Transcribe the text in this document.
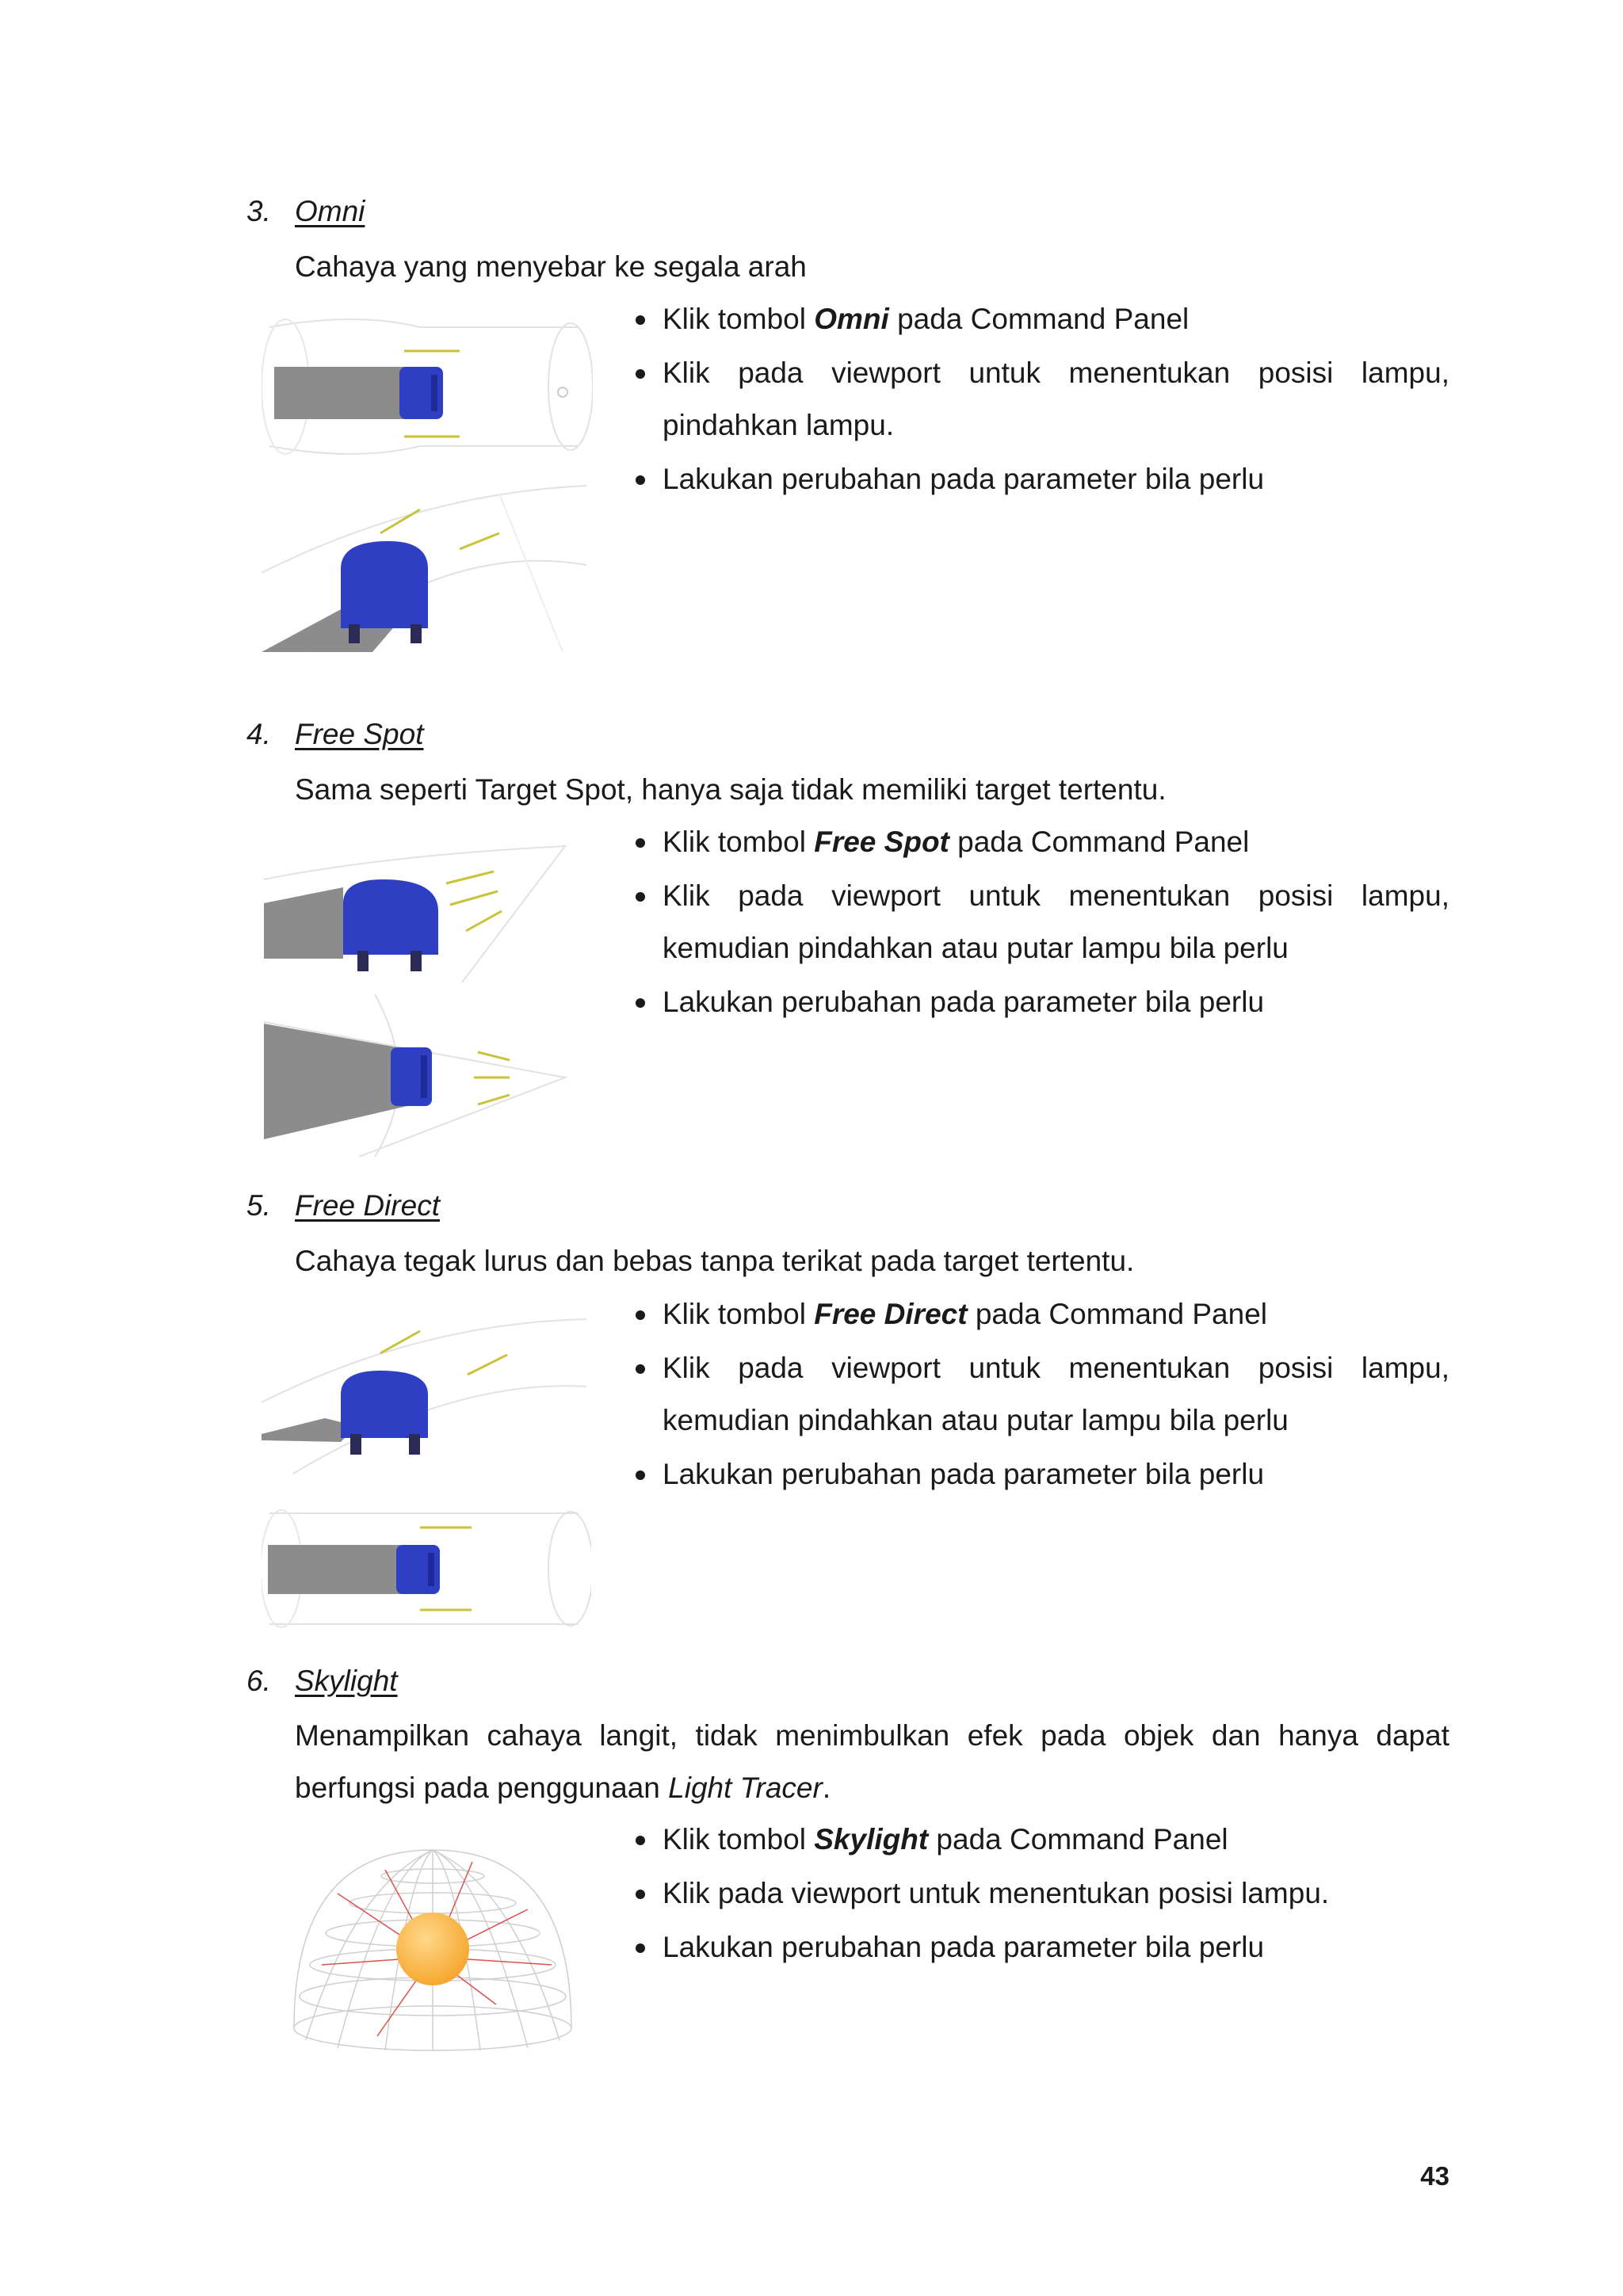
3. Omni
Cahaya yang menyebar ke segala arah
Klik tombol Omni pada Command Panel
Klik pada viewport untuk menentukan posisi lampu,
pindahkan lampu.
Lakukan perubahan pada parameter bila perlu
4. Free Spot
Sama seperti Target Spot, hanya saja tidak memiliki target tertentu.
Klik tombol Free Spot pada Command Panel
Klik pada viewport untuk menentukan posisi lampu,
kemudian pindahkan atau putar lampu bila perlu
Lakukan perubahan pada parameter bila perlu
5. Free Direct
Cahaya tegak lurus dan bebas tanpa terikat pada target tertentu.
Klik tombol Free Direct pada Command Panel
Klik pada viewport untuk menentukan posisi lampu,
kemudian pindahkan atau putar lampu bila perlu
Lakukan perubahan pada parameter bila perlu
6. Skylight
Menampilkan cahaya langit, tidak menimbulkan efek pada objek dan hanya dapat berfungsi pada penggunaan Light Tracer.
Klik tombol Skylight pada Command Panel
Klik pada viewport untuk menentukan posisi lampu.
Lakukan perubahan pada parameter bila perlu
43
